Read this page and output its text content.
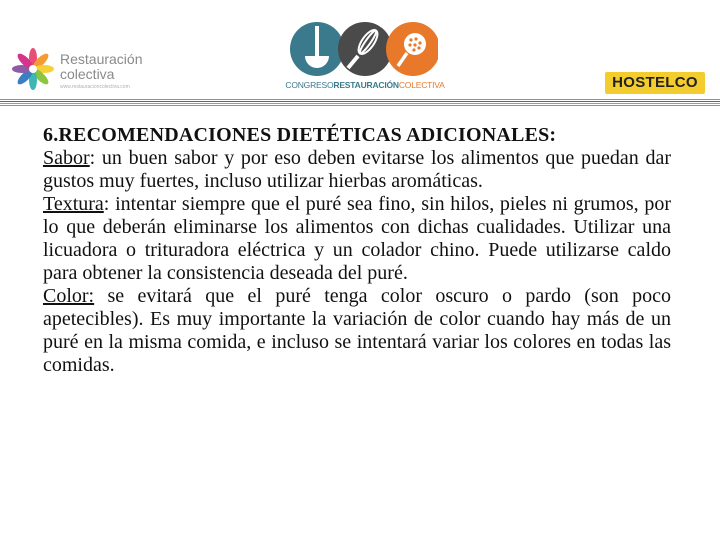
Restauración
colectiva
www.restauracioncolectiva.com	CONGRESORESTAURACIÓNCOLECTIVA	HOSTELCO

6.RECOMENDACIONES DIETÉTICAS ADICIONALES:

Sabor: un buen sabor y por eso deben evitarse los alimentos que puedan dar gustos muy fuertes, incluso utilizar hierbas aromáticas.

Textura: intentar siempre que el puré sea fino, sin hilos, pieles ni grumos, por lo que deberán eliminarse los alimentos con dichas cualidades. Utilizar una licuadora o trituradora eléctrica y un colador chino. Puede utilizarse caldo para obtener la consistencia deseada del puré.

Color: se evitará que el puré tenga color oscuro o pardo (son poco apetecibles). Es muy importante la variación de color cuando hay más de un puré en la misma comida, e incluso se intentará variar los colores en todas las comidas.
